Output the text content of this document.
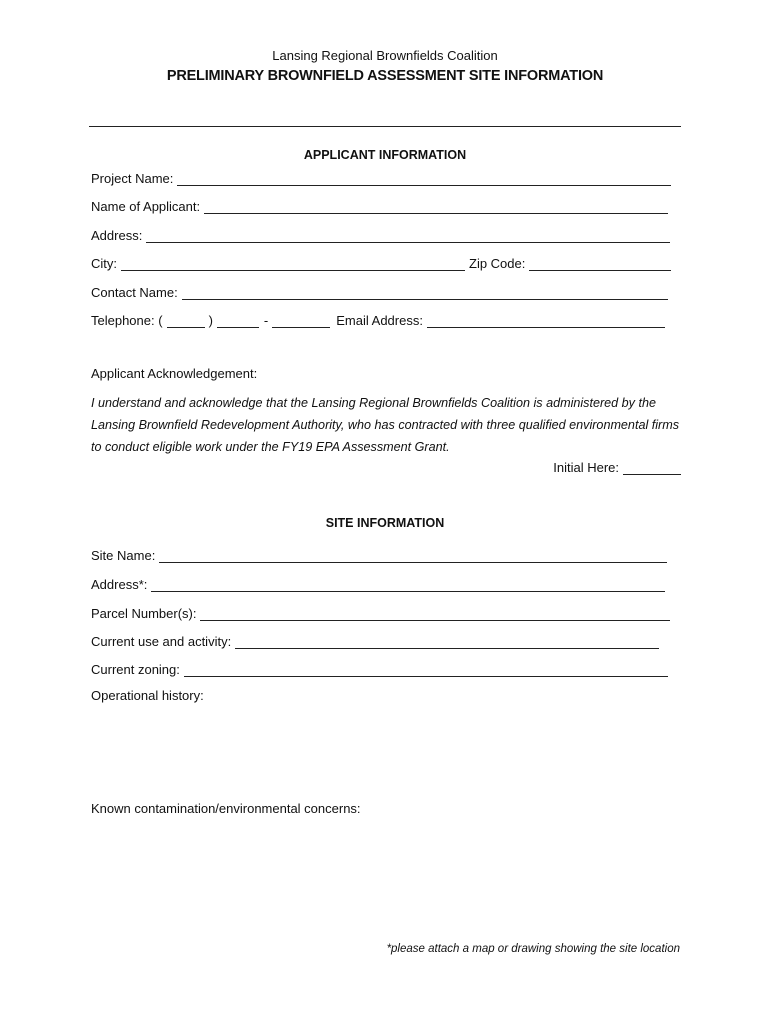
Lansing Regional Brownfields Coalition
PRELIMINARY BROWNFIELD ASSESSMENT SITE INFORMATION
APPLICANT INFORMATION
Project Name:
Name of Applicant:
Address:
City:	Zip Code:
Contact Name:
Telephone: (	)	-	Email Address:
Applicant Acknowledgement:
I understand and acknowledge that the Lansing Regional Brownfields Coalition is administered by the Lansing Brownfield Redevelopment Authority, who has contracted with three qualified environmental firms to conduct eligible work under the FY19 EPA Assessment Grant.
Initial Here:
SITE INFORMATION
Site Name:
Address*:
Parcel Number(s):
Current use and activity:
Current zoning:
Operational history:
Known contamination/environmental concerns:
*please attach a map or drawing showing the site location
